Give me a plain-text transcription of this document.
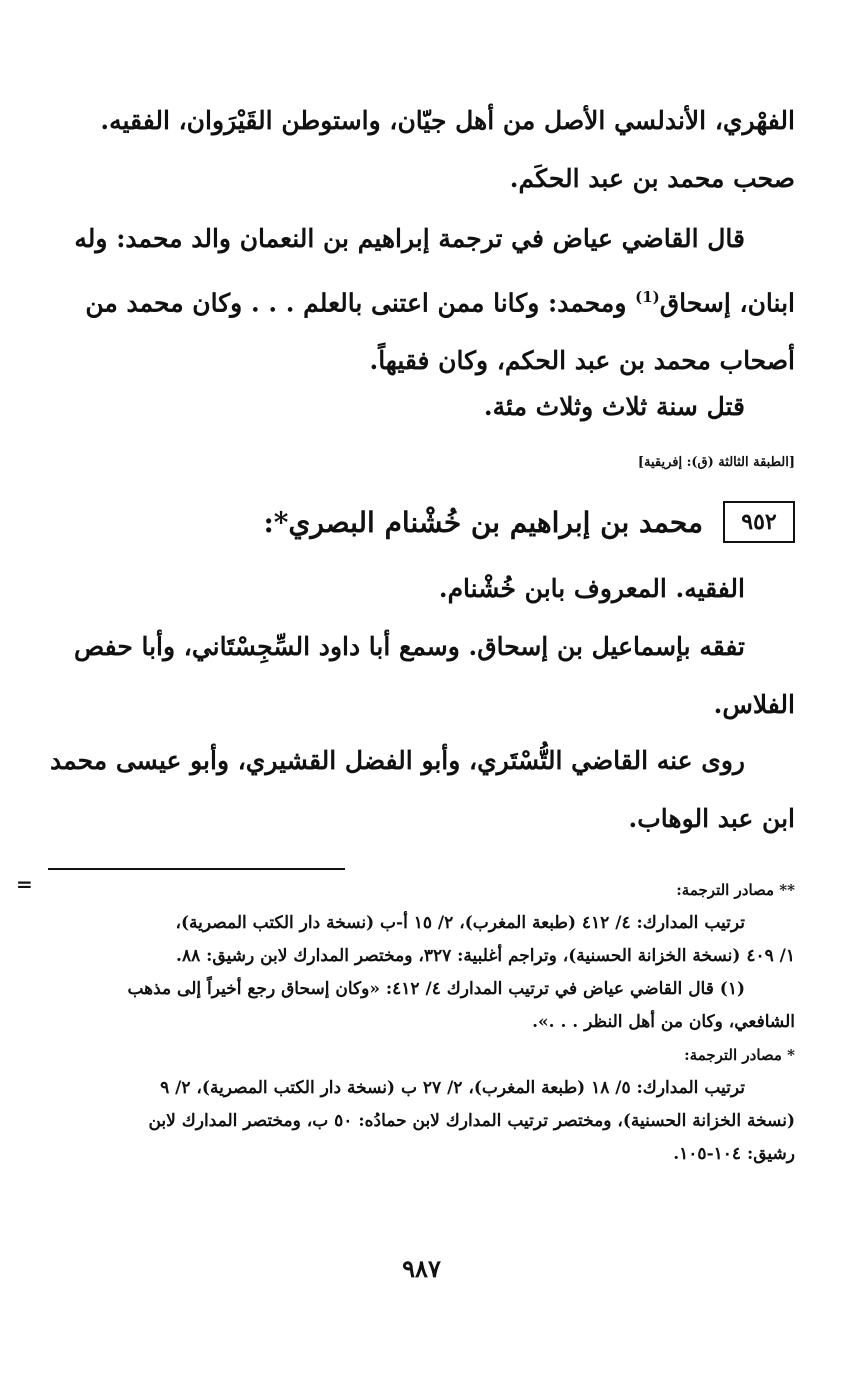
الفهْري، الأندلسي الأصل من أهل جيّان، واستوطن القَيْرَوان، الفقيه.
صحب محمد بن عبد الحكَم.
قال القاضي عياض في ترجمة إبراهيم بن النعمان والد محمد: وله
ابنان، إسحاق$^{(1)}$ ومحمد: وكانا ممن اعتنى بالعلم . . . وكان محمد من
أصحاب محمد بن عبد الحكم، وكان فقيهاً.
قتل سنة ثلاث وثلاث مئة.
[الطبقة الثالثة (ق): إفريقية]
٩٥٢
محمد بن إبراهيم بن خُشْنام البصري*:
الفقيه. المعروف بابن خُشْنام.
تفقه بإسماعيل بن إسحاق. وسمع أبا داود السِّجِسْتَاني، وأبا حفص
الفلاس.
روى عنه القاضي التُّسْتَري، وأبو الفضل القشيري، وأبو عيسى محمد
ابن عبد الوهاب.
=	** مصادر الترجمة:
ترتيب المدارك: ٤/ ٤١٢ (طبعة المغرب)، ٢/ ١٥ أ-ب (نسخة دار الكتب المصرية)،
١/ ٤٠٩ (نسخة الخزانة الحسنية)، وتراجم أغلبية: ٣٢٧، ومختصر المدارك لابن رشيق: ٨٨.
(١) قال القاضي عياض في ترتيب المدارك ٤/ ٤١٢: «وكان إسحاق رجع أخيراً إلى مذهب
الشافعي، وكان من أهل النظر . . .».
* مصادر الترجمة:
ترتيب المدارك: ٥/ ١٨ (طبعة المغرب)، ٢/ ٢٧ ب (نسخة دار الكتب المصرية)، ٢/ ٩
(نسخة الخزانة الحسنية)، ومختصر ترتيب المدارك لابن حمادُه: ٥٠ ب، ومختصر المدارك لابن
رشيق: ١٠٤-١٠٥.
٩٨٧
